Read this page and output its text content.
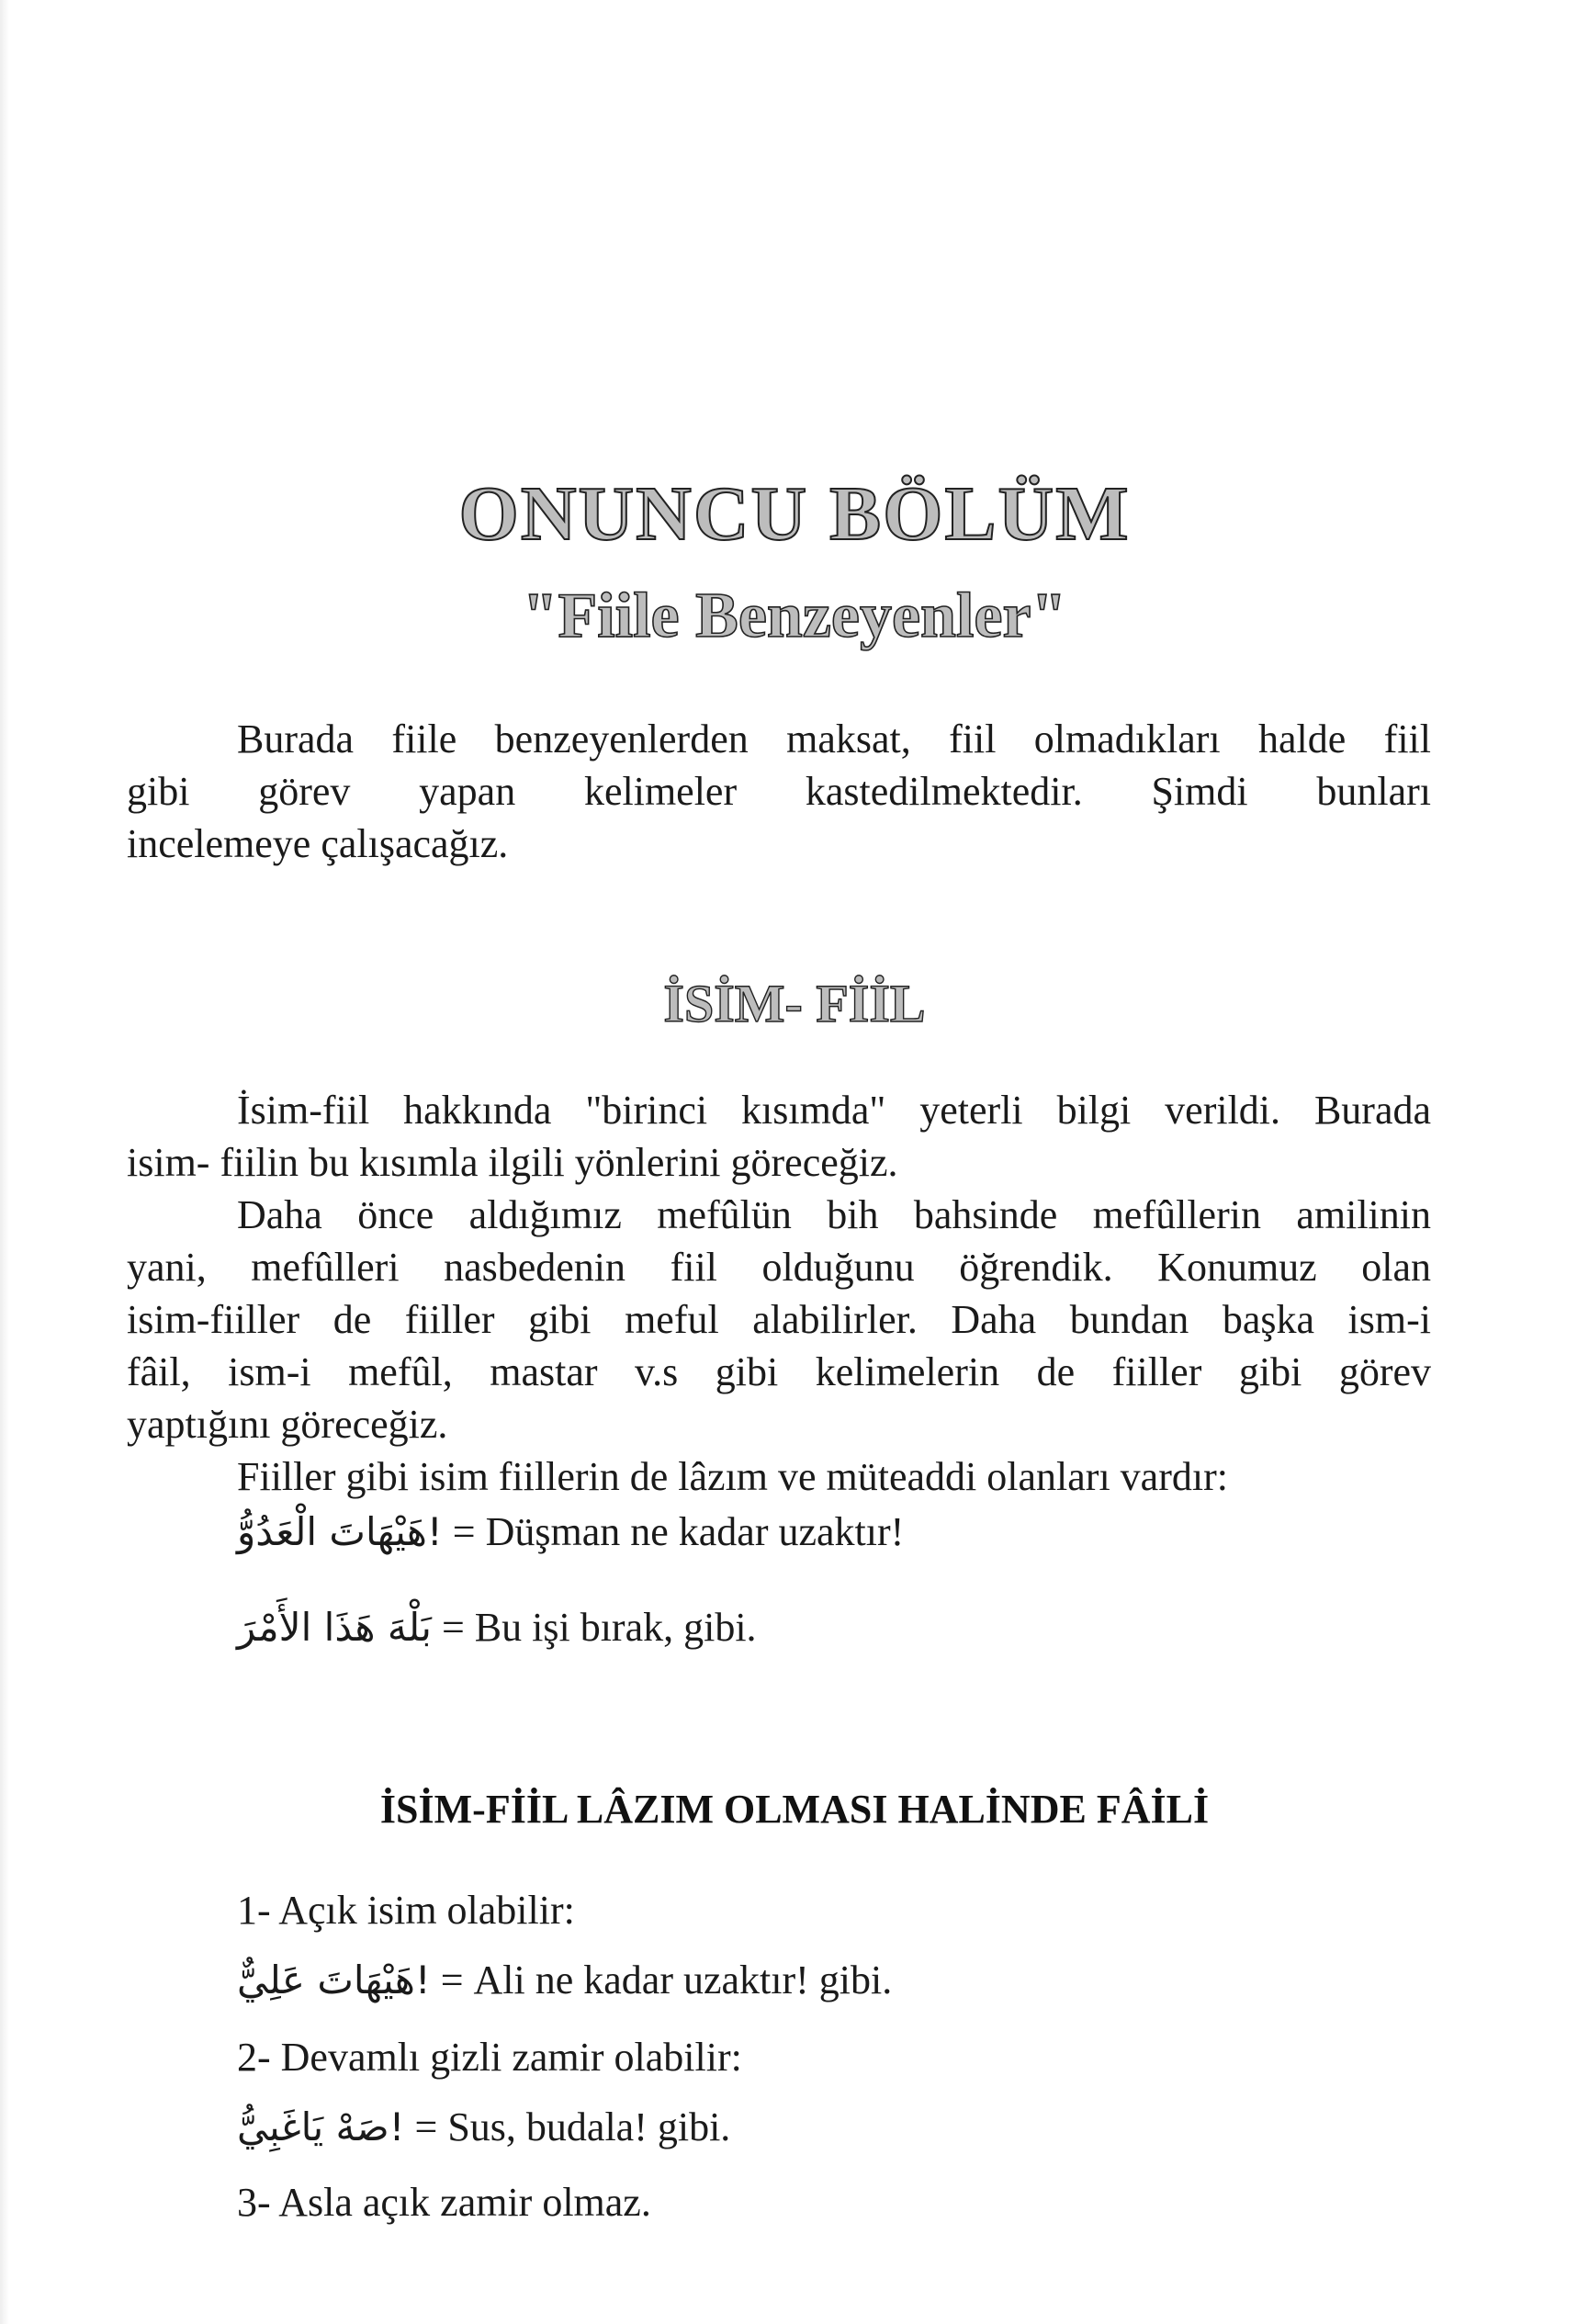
ONUNCU BÖLÜM
"Fiile Benzeyenler"
Burada fiile benzeyenlerden maksat, fiil olmadıkları halde fiil
gibi görev yapan kelimeler kastedilmektedir. Şimdi bunları
incelemeye çalışacağız.
İSİM- FİİL
İsim-fiil hakkında "birinci kısımda" yeterli bilgi verildi. Burada
isim- fiilin bu kısımla ilgili yönlerini göreceğiz.
Daha önce aldığımız mefûlün bih bahsinde mefûllerin amilinin
yani, mefûlleri nasbedenin fiil olduğunu öğrendik. Konumuz olan
isim-fiiller de fiiller gibi meful alabilirler. Daha bundan başka ism-i
fâil, ism-i mefûl, mastar v.s gibi kelimelerin de fiiller gibi görev
yaptığını göreceğiz.
Fiiller gibi isim fiillerin de lâzım ve müteaddi olanları vardır:
!هَيْهَاتَ الْعَدُوُّ = Düşman ne kadar uzaktır!
بَلْهَ هَذَا الأَمْرَ = Bu işi bırak, gibi.
İSİM-FİİL LÂZIM OLMASI HALİNDE FÂİLİ
1- Açık isim olabilir:
!هَيْهَاتَ عَلِيٌّ = Ali ne kadar uzaktır! gibi.
2- Devamlı gizli zamir olabilir:
!صَهْ يَاغَبِيُّ = Sus, budala! gibi.
3- Asla açık zamir olmaz.
